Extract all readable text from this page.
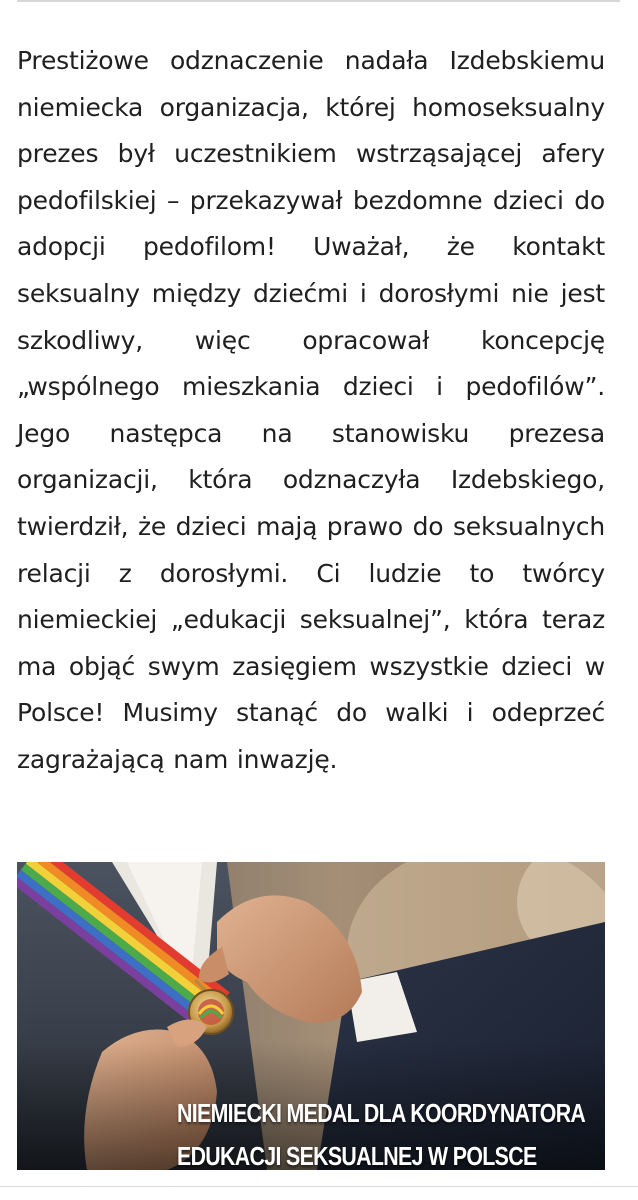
Prestiżowe odznaczenie nadała Izdebskiemu niemiecka organizacja, której homoseksualny prezes był uczestnikiem wstrząsającej afery pedofilskiej – przekazywał bezdomne dzieci do adopcji pedofilom! Uważał, że kontakt seksualny między dziećmi i dorosłymi nie jest szkodliwy, więc opracował koncepcję „wspólnego mieszkania dzieci i pedofilów”. Jego następca na stanowisku prezesa organizacji, która odznaczyła Izdebskiego, twierdził, że dzieci mają prawo do seksualnych relacji z dorosłymi. Ci ludzie to twórcy niemieckiej „edukacji seksualnej”, która teraz ma objąć swym zasięgiem wszystkie dzieci w Polsce! Musimy stanąć do walki i odeprzeć zagrażającą nam inwazję.

NIEMIECKI MEDAL DLA KOORDYNATORA
EDUKACJI SEKSUALNEJ W POLSCE
